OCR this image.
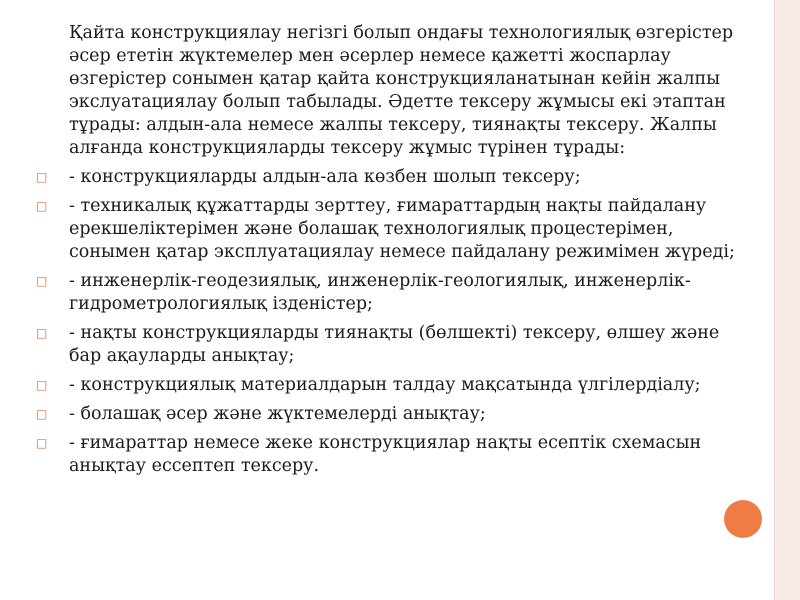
Қайта конструкциялау негізгі болып ондағы технологиялық өзгерістер әсер ететін жүктемелер мен әсерлер немесе қажетті жоспарлау өзгерістер сонымен қатар қайта конструкцияланатынан кейін жалпы экслуатациялау болып табылады. Әдетте тексеру жұмысы екі этаптан тұрады: алдын-ала немесе жалпы тексеру, тиянақты тексеру. Жалпы алғанда конструкцияларды тексеру жұмыс түрінен тұрады:

□ - конструкцияларды алдын-ала көзбен шолып тексеру;

□ - техникалық құжаттарды зерттеу, ғимараттардың нақты пайдалану ерекшеліктерімен және болашақ технологиялық процестерімен, сонымен қатар эксплуатациялау немесе пайдалану режимімен жүреді;

□ - инженерлік-геодезиялық, инженерлік-геологиялық, инженерлік-гидрометрологиялық ізденістер;

□ - нақты конструкцияларды тиянақты (бөлшекті) тексеру, өлшеу және бар ақауларды анықтау;

□ - конструкциялық материалдарын талдау мақсатында үлгілердіалу;

□ - болашақ әсер және жүктемелерді анықтау;

□ - ғимараттар немесе жеке конструкциялар нақты есептік схемасын анықтау ессептеп тексеру.
